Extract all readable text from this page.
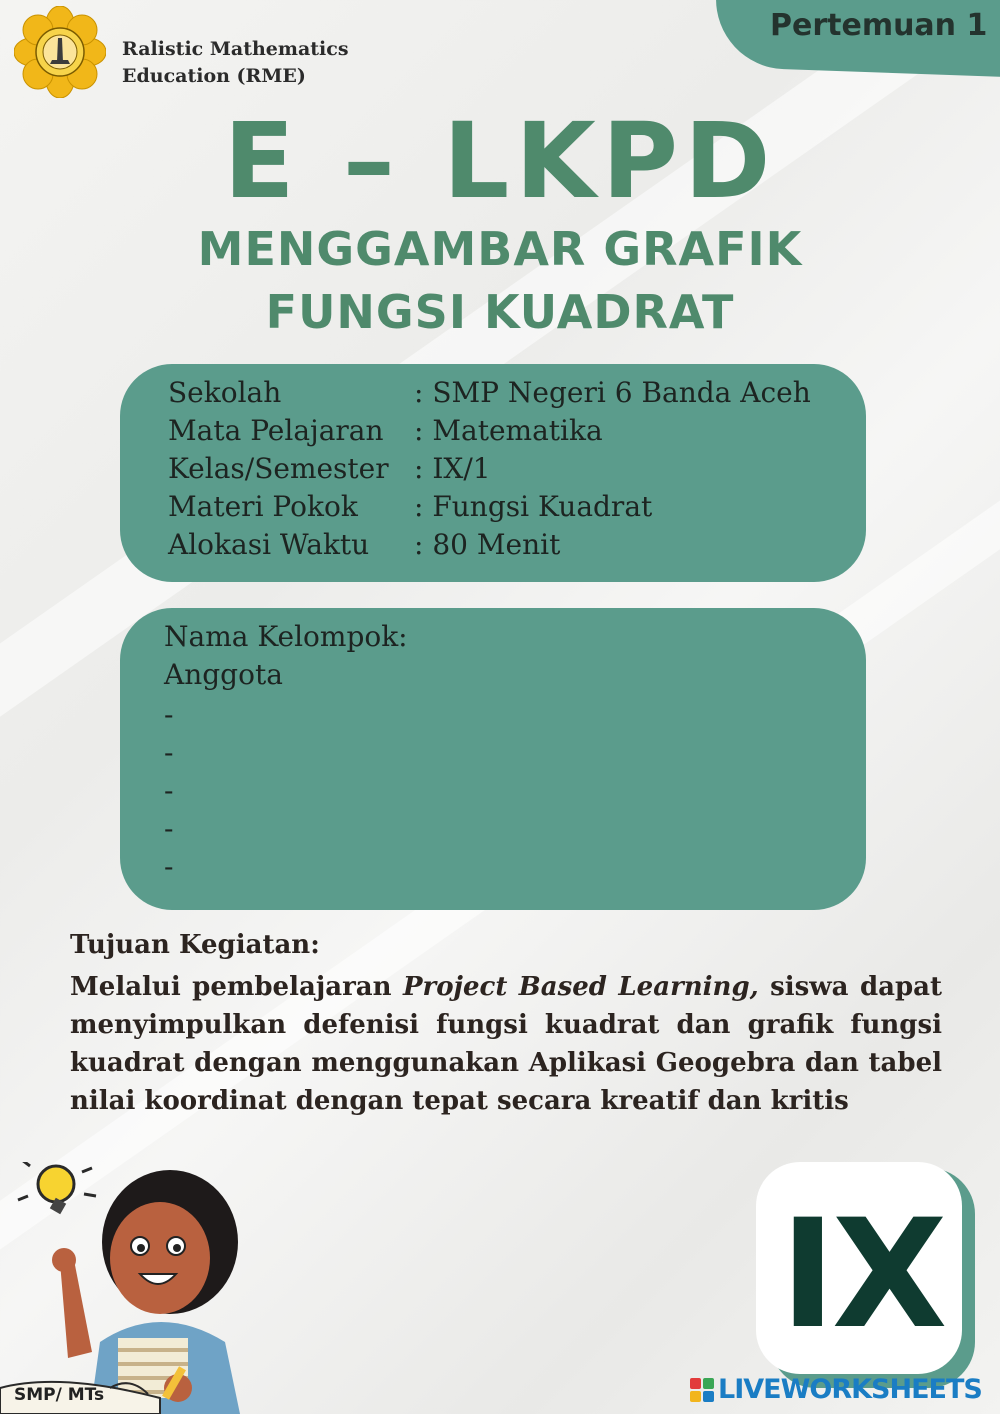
Ralistic Mathematics
Education (RME)
Pertemuan 1
E – LKPD
MENGGAMBAR GRAFIK
FUNGSI KUADRAT
Sekolah	: SMP Negeri 6 Banda Aceh
Mata Pelajaran : Matematika
Kelas/Semester : IX/1
Materi Pokok : Fungsi Kuadrat
Alokasi Waktu : 80 Menit
Nama Kelompok:
Anggota
-
-
-
-
-
Tujuan Kegiatan:
Melalui pembelajaran Project Based Learning, siswa dapat menyimpulkan defenisi fungsi kuadrat dan grafik fungsi kuadrat dengan menggunakan Aplikasi Geogebra dan tabel nilai koordinat dengan tepat secara kreatif dan kritis
SMP/ MTs
IX
LIVEWORKSHEETS
